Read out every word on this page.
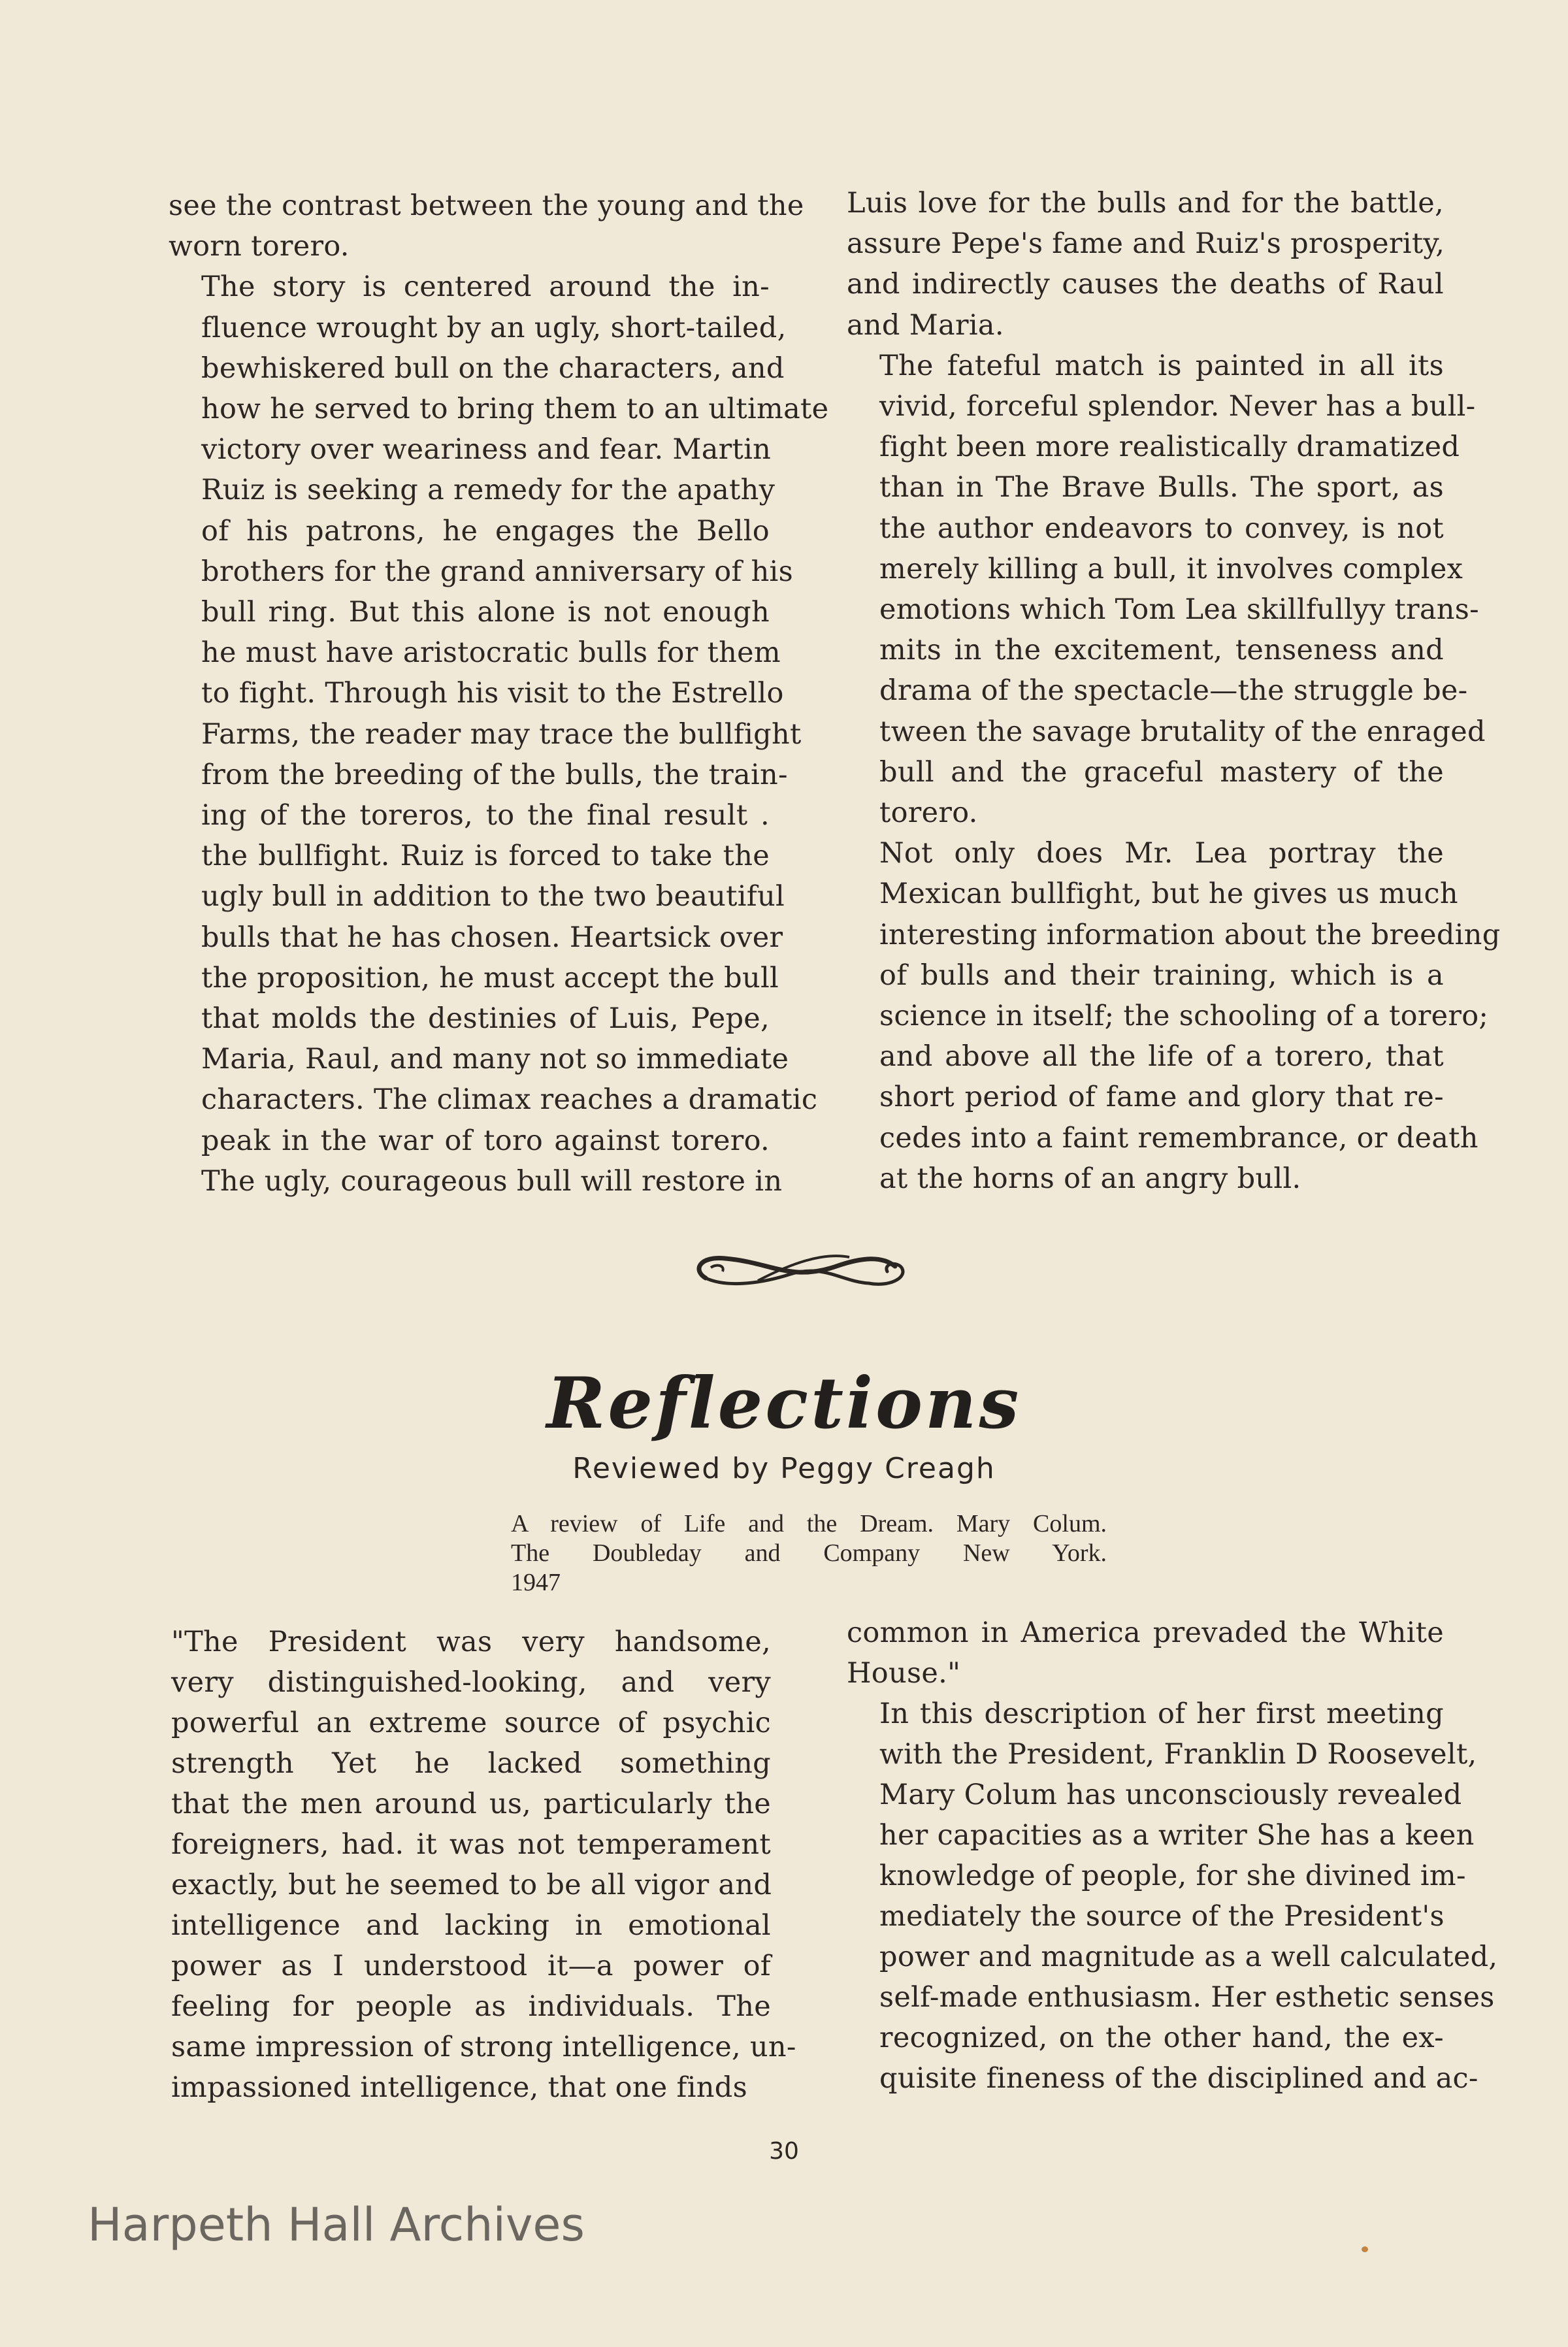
see the contrast between the young and the
worn torero.

The story is centered around the in-
fluence wrought by an ugly, short-tailed,
bewhiskered bull on the characters, and
how he served to bring them to an ultimate
victory over weariness and fear. Martin
Ruiz is seeking a remedy for the apathy
of his patrons, he engages the Bello
brothers for the grand anniversary of his
bull ring. But this alone is not enough
he must have aristocratic bulls for them
to fight. Through his visit to the Estrello
Farms, the reader may trace the bullfight
from the breeding of the bulls, the train-
ing of the toreros, to the final result .
the bullfight. Ruiz is forced to take the
ugly bull in addition to the two beautiful
bulls that he has chosen. Heartsick over
the proposition, he must accept the bull
that molds the destinies of Luis, Pepe,
Maria, Raul, and many not so immediate
characters. The climax reaches a dramatic
peak in the war of toro against torero.
The ugly, courageous bull will restore in

Luis love for the bulls and for the battle,
assure Pepe's fame and Ruiz's prosperity,
and indirectly causes the deaths of Raul
and Maria.

The fateful match is painted in all its
vivid, forceful splendor. Never has a bull-
fight been more realistically dramatized
than in The Brave Bulls. The sport, as
the author endeavors to convey, is not
merely killing a bull, it involves complex
emotions which Tom Lea skillfullyy trans-
mits in the excitement, tenseness and
drama of the spectacle—the struggle be-
tween the savage brutality of the enraged
bull and the graceful mastery of the
torero.

Not only does Mr. Lea portray the
Mexican bullfight, but he gives us much
interesting information about the breeding
of bulls and their training, which is a
science in itself; the schooling of a torero;
and above all the life of a torero, that
short period of fame and glory that re-
cedes into a faint remembrance, or death
at the horns of an angry bull.

Reflections
Reviewed by Peggy Creagh
A review of Life and the Dream. Mary Colum.
The Doubleday and Company New York.
1947

"The President was very handsome,
very distinguished-looking, and very
powerful an extreme source of psychic
strength Yet he lacked something
that the men around us, particularly the
foreigners, had. it was not temperament
exactly, but he seemed to be all vigor and
intelligence and lacking in emotional
power as I understood it—a power of
feeling for people as individuals. The
same impression of strong intelligence, un-
impassioned intelligence, that one finds

common in America prevaded the White
House."

In this description of her first meeting
with the President, Franklin D Roosevelt,
Mary Colum has unconsciously revealed
her capacities as a writer She has a keen
knowledge of people, for she divined im-
mediately the source of the President's
power and magnitude as a well calculated,
self-made enthusiasm. Her esthetic senses
recognized, on the other hand, the ex-
quisite fineness of the disciplined and ac-

30
Harpeth Hall Archives
